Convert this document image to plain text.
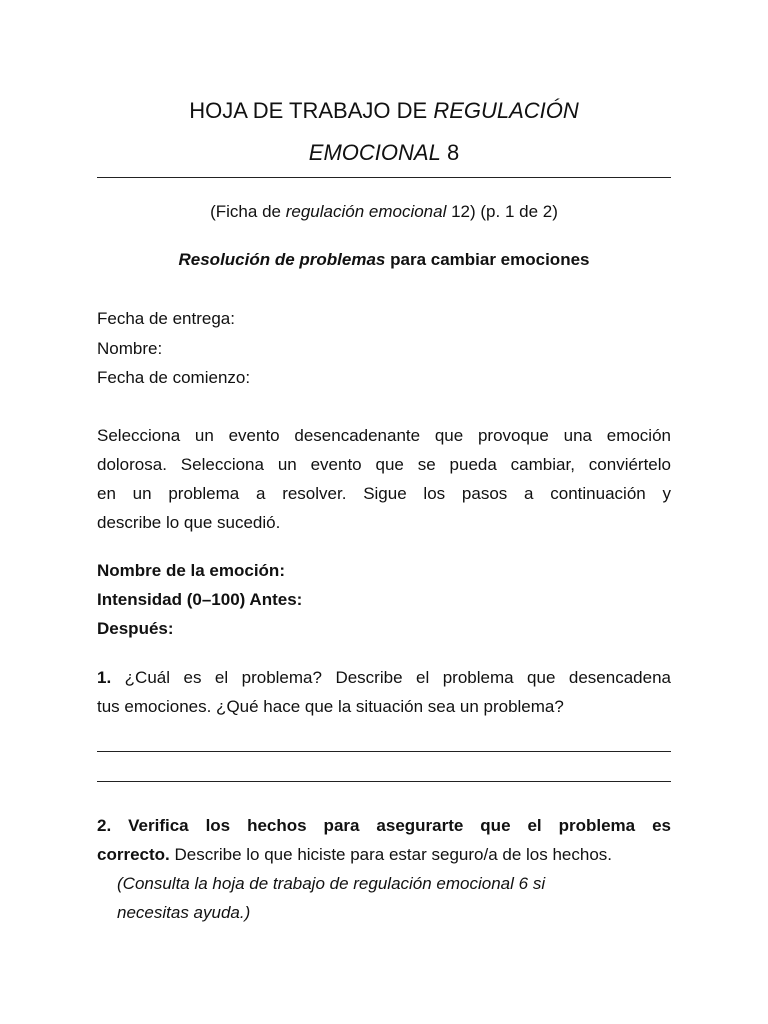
HOJA DE TRABAJO DE REGULACIÓN
EMOCIONAL 8
(Ficha de regulación emocional 12) (p. 1 de 2)
Resolución de problemas para cambiar emociones
Fecha de entrega:
Nombre:
Fecha de comienzo:
Selecciona un evento desencadenante que provoque una emoción
dolorosa. Selecciona un evento que se pueda cambiar, conviértelo
en un problema a resolver. Sigue los pasos a continuación y
describe lo que sucedió.
Nombre de la emoción:
Intensidad (0–100) Antes:
Después:
1. ¿Cuál es el problema? Describe el problema que desencadena
tus emociones. ¿Qué hace que la situación sea un problema?
2. Verifica los hechos para asegurarte que el problema es
correcto. Describe lo que hiciste para estar seguro/a de los hechos.
(Consulta la hoja de trabajo de regulación emocional 6 si
necesitas ayuda.)
